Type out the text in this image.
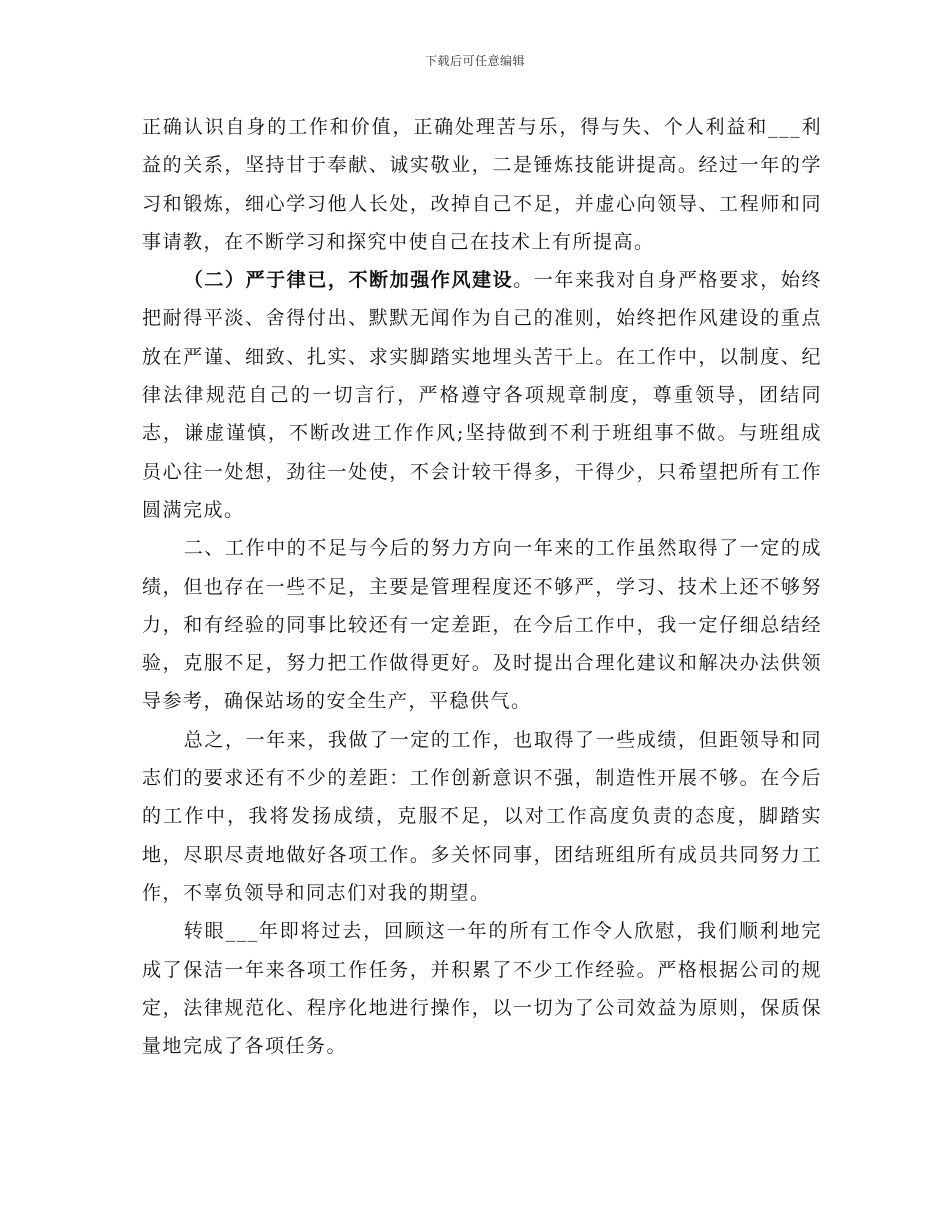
下载后可任意编辑

正确认识自身的工作和价值，正确处理苦与乐，得与失、个人利益和___利益的关系，坚持甘于奉献、诚实敬业，二是锤炼技能讲提高。经过一年的学习和锻炼，细心学习他人长处，改掉自己不足，并虚心向领导、工程师和同事请教，在不断学习和探究中使自己在技术上有所提高。

（二）严于律已，不断加强作风建设。一年来我对自身严格要求，始终把耐得平淡、舍得付出、默默无闻作为自己的准则，始终把作风建设的重点放在严谨、细致、扎实、求实脚踏实地埋头苦干上。在工作中，以制度、纪律法律规范自己的一切言行，严格遵守各项规章制度，尊重领导，团结同志，谦虚谨慎，不断改进工作作风;坚持做到不利于班组事不做。与班组成员心往一处想，劲往一处使，不会计较干得多，干得少，只希望把所有工作圆满完成。

二、工作中的不足与今后的努力方向一年来的工作虽然取得了一定的成绩，但也存在一些不足，主要是管理程度还不够严，学习、技术上还不够努力，和有经验的同事比较还有一定差距，在今后工作中，我一定仔细总结经验，克服不足，努力把工作做得更好。及时提出合理化建议和解决办法供领导参考，确保站场的安全生产，平稳供气。

总之，一年来，我做了一定的工作，也取得了一些成绩，但距领导和同志们的要求还有不少的差距：工作创新意识不强，制造性开展不够。在今后的工作中，我将发扬成绩，克服不足，以对工作高度负责的态度，脚踏实地，尽职尽责地做好各项工作。多关怀同事，团结班组所有成员共同努力工作，不辜负领导和同志们对我的期望。

转眼___年即将过去，回顾这一年的所有工作令人欣慰，我们顺利地完成了保洁一年来各项工作任务，并积累了不少工作经验。严格根据公司的规定，法律规范化、程序化地进行操作，以一切为了公司效益为原则，保质保量地完成了各项任务。
